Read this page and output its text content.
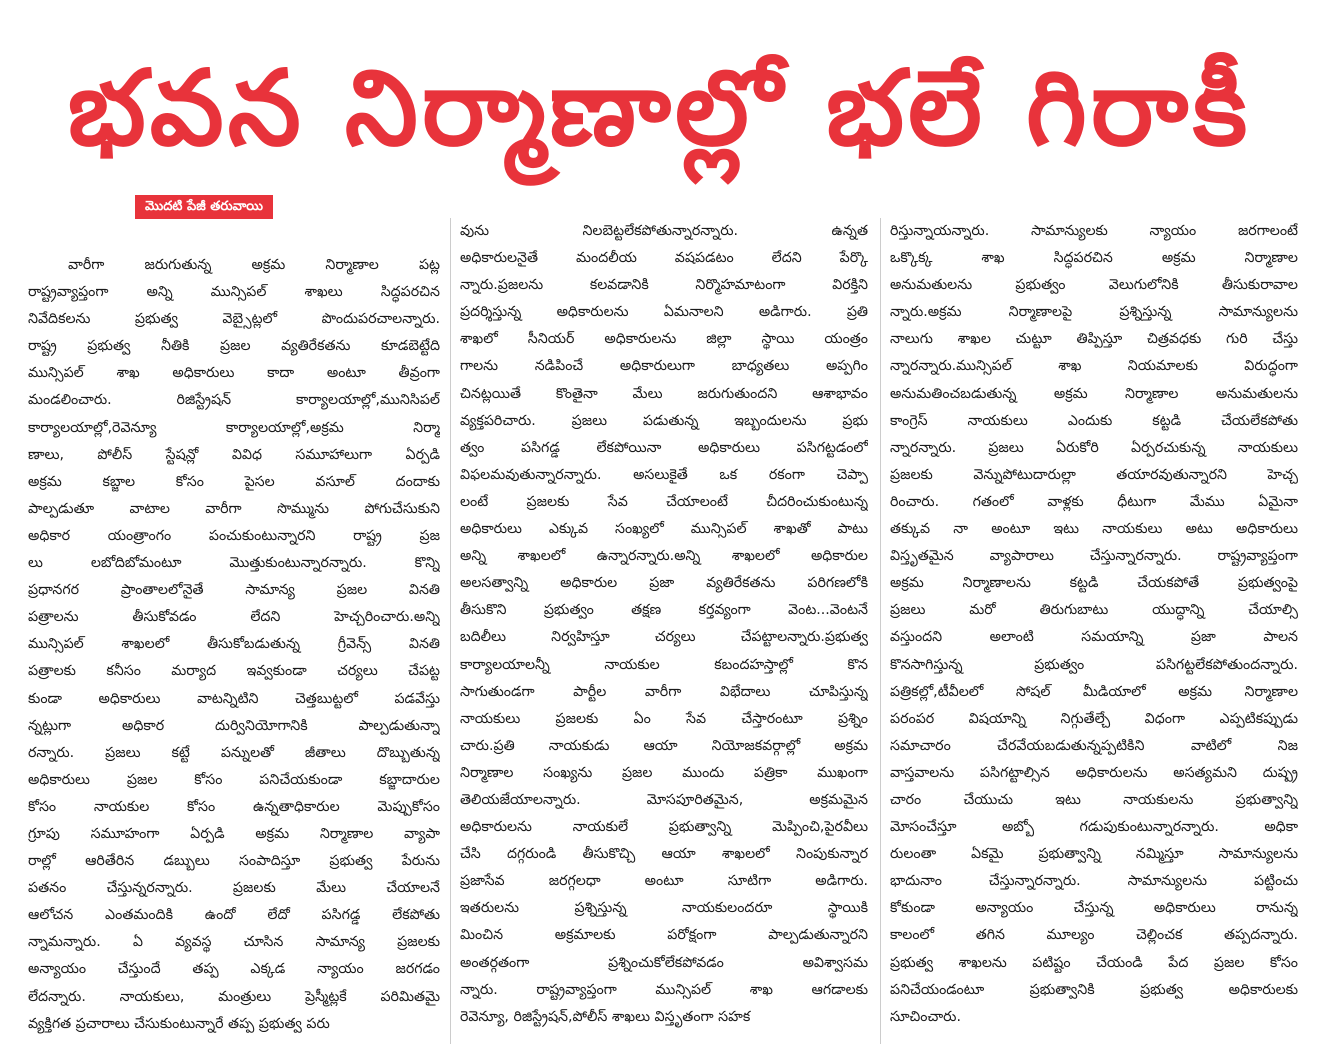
భవన నిర్మాణాల్లో భలే గిరాకీ
మొదటి పేజీ తరువాయి
వారీగా జరుగుతున్న అక్రమ నిర్మాణాల పట్ల
రాష్ట్రవ్యాప్తంగా అన్ని మున్సిపల్ శాఖలు సిద్ధపరచిన
నివేదికలను ప్రభుత్వ వెబ్సైట్లలో పొందుపరచాలన్నారు.
రాష్ట్ర ప్రభుత్వ నీతికి ప్రజల వ్యతిరేకతను కూడబెట్టేది
మున్సిపల్ శాఖ అధికారులు కాదా అంటూ తీవ్రంగా
మండలించారు. రిజిస్ట్రేషన్ కార్యాలయాల్లో,మునిసిపల్
కార్యాలయాల్లో,రెవెన్యూ కార్యాలయాల్లో,అక్రమ నిర్మా
ణాలు, పోలీస్ స్టేషన్లో వివిధ సమూహాలుగా ఏర్పడి
అక్రమ కబ్జాల కోసం పైసల వసూల్ దందాకు
పాల్పడుతూ వాటాల వారీగా సొమ్మును పోగుచేసుకుని
అధికార యంత్రాంగం పంచుకుంటున్నారని రాష్ట్ర ప్రజ
లు లబోదిబోమంటూ మొత్తుకుంటున్నారన్నారు. కొన్ని
ప్రధానగర ప్రాంతాలలోనైతే సామాన్య ప్రజల వినతి
పత్రాలను తీసుకోవడం లేదని హెచ్చరించారు.అన్ని
మున్సిపల్ శాఖలలో తీసుకోబడుతున్న గ్రీవెన్స్ వినతి
పత్రాలకు కనీసం మర్యాద ఇవ్వకుండా చర్యలు చేపట్ట
కుండా అధికారులు వాటన్నిటిని చెత్తబుట్టలో పడవేస్తు
న్నట్లుగా అధికార దుర్వినియోగానికి పాల్పడుతున్నా
రన్నారు. ప్రజలు కట్టే పన్నులతో జీతాలు దొబ్బుతున్న
అధికారులు ప్రజల కోసం పనిచేయకుండా కబ్జాదారుల
కోసం నాయకుల కోసం ఉన్నతాధికారుల మెప్పుకోసం
గ్రూపు సమూహంగా ఏర్పడి అక్రమ నిర్మాణాల వ్యాపా
రాల్లో ఆరితేరిన డబ్బులు సంపాదిస్తూ ప్రభుత్వ పేరును
పతనం చేస్తున్నరన్నారు. ప్రజలకు మేలు చేయాలనే
ఆలోచన ఎంతమందికి ఉందో లేదో పసిగడ్డ లేకపోతు
న్నామన్నారు. ఏ వ్యవస్థ చూసిన సామాన్య ప్రజలకు
అన్యాయం చేస్తుందే తప్ప ఎక్కడ న్యాయం జరగడం
లేదన్నారు. నాయకులు, మంత్రులు ప్రెస్మీట్లకే పరిమితమై
వ్యక్తిగత ప్రచారాలు చేసుకుంటున్నారే తప్ప ప్రభుత్వ పరు
వును నిలబెట్టలేకపోతున్నారన్నారు. ఉన్నత
అధికారులనైతే మందలీయ వషపడటం లేదని పేర్కొ
న్నారు.ప్రజలను కలవడానికి నిర్మొహమాటంగా విరక్తిని
ప్రదర్శిస్తున్న అధికారులను ఏమనాలని అడిగారు. ప్రతి
శాఖలో సీనియర్ అధికారులను జిల్లా స్థాయి యంత్రం
గాలను నడిపించే అధికారులుగా బాధ్యతలు అప్పగిం
చినట్లయితే కొంతైనా మేలు జరుగుతుందని ఆశాభావం
వ్యక్తపరిచారు. ప్రజలు పడుతున్న ఇబ్బందులను ప్రభు
త్వం పసిగడ్డ లేకపోయినా అధికారులు పసిగట్టడంలో
విఫలమవుతున్నారన్నారు. అసలుకైతే ఒక రకంగా చెప్పా
లంటే ప్రజలకు సేవ చేయాలంటే చీదరించుకుంటున్న
అధికారులు ఎక్కువ సంఖ్యలో మున్సిపల్ శాఖతో పాటు
అన్ని శాఖలలో ఉన్నారన్నారు.అన్ని శాఖలలో అధికారుల
అలసత్వాన్ని అధికారుల ప్రజా వ్యతిరేకతను పరిగణలోకి
తీసుకొని ప్రభుత్వం తక్షణ కర్తవ్యంగా వెంట...వెంటనే
బదిలీలు నిర్వహిస్తూ చర్యలు చేపట్టాలన్నారు.ప్రభుత్వ
కార్యాలయాలన్నీ నాయకుల కబందహస్తాల్లో కొన
సాగుతుండగా పార్టీల వారీగా విభేదాలు చూపిస్తున్న
నాయకులు ప్రజలకు ఏం సేవ చేస్తారంటూ ప్రశ్నిం
చారు.ప్రతి నాయకుడు ఆయా నియోజకవర్గాల్లో అక్రమ
నిర్మాణాల సంఖ్యను ప్రజల ముందు పత్రికా ముఖంగా
తెలియజేయాలన్నారు. మోసపూరితమైన, అక్రమమైన
అధికారులను నాయకులే ప్రభుత్వాన్ని మెప్పించి,పైరవీలు
చేసి దగ్గరుండి తీసుకొచ్చి ఆయా శాఖలలో నింపుకున్నార
ప్రజాసేవ జరగ్గలధా అంటూ సూటిగా అడిగారు.
ఇతరులను ప్రశ్నిస్తున్న నాయకులందరూ స్థాయికి
మించిన అక్రమాలకు పరోక్షంగా పాల్పడుతున్నారని
అంతర్గతంగా ప్రశ్నించుకోలేకపోవడం అవిశ్వాసమ
న్నారు. రాష్ట్రవ్యాప్తంగా మున్సిపల్ శాఖ ఆగడాలకు
రెవెన్యూ, రిజిస్ట్రేషన్,పోలీస్ శాఖలు విస్తృతంగా సహక
రిస్తున్నాయన్నారు. సామాన్యులకు న్యాయం జరగాలంటే
ఒక్కొక్క శాఖ సిద్ధపరచిన అక్రమ నిర్మాణాల
అనుమతులను ప్రభుత్వం వెలుగులోనికి తీసుకురావాల
న్నారు.అక్రమ నిర్మాణాలపై ప్రశ్నిస్తున్న సామాన్యులను
నాలుగు శాఖల చుట్టూ తిప్పిస్తూ చిత్రవధకు గురి చేస్తు
న్నారన్నారు.మున్సిపల్ శాఖ నియమాలకు విరుద్ధంగా
అనుమతించబడుతున్న అక్రమ నిర్మాణాల అనుమతులను
కాంగ్రెస్ నాయకులు ఎందుకు కట్టడి చేయలేకపోతు
న్నారన్నారు. ప్రజలు ఏరుకోరి ఏర్పరచుకున్న నాయకులు
ప్రజలకు వెన్నుపోటుదారుల్లా తయారవుతున్నారని హెచ్చ
రించారు. గతంలో వాళ్లకు ధీటుగా మేము ఏమైనా
తక్కువ నా అంటూ ఇటు నాయకులు అటు అధికారులు
విస్తృతమైన వ్యాపారాలు చేస్తున్నారన్నారు. రాష్ట్రవ్యాప్తంగా
అక్రమ నిర్మాణాలను కట్టడి చేయకపోతే ప్రభుత్వంపై
ప్రజలు మరో తిరుగుబాటు యుద్ధాన్ని చేయాల్సి
వస్తుందని అలాంటి సమయాన్ని ప్రజా పాలన
కొనసాగిస్తున్న ప్రభుత్వం పసిగట్టలేకపోతుందన్నారు.
పత్రికల్లో,టీవీలలో సోషల్ మీడియాలో అక్రమ నిర్మాణాల
పరంపర విషయాన్ని నిగ్గుతేల్చే విధంగా ఎప్పటికప్పుడు
సమాచారం చేరవేయబడుతున్నప్పటికిని వాటిలో నిజ
వాస్తవాలను పసిగట్టాల్సిన అధికారులను అసత్యమని దుష్ప్ర
చారం చేయుచు ఇటు నాయకులను ప్రభుత్వాన్ని
మోసంచేస్తూ అబ్బో గడుపుకుంటున్నారన్నారు. అధికా
రులంతా ఏకమై ప్రభుత్వాన్ని నమ్మిస్తూ సామాన్యులను
భాదునాం చేస్తున్నారన్నారు. సామాన్యులను పట్టించు
కోకుండా అన్యాయం చేస్తున్న అధికారులు రానున్న
కాలంలో తగిన మూల్యం చెల్లించక తప్పదన్నారు.
ప్రభుత్వ శాఖలను పటిష్టం చేయండి పేద ప్రజల కోసం
పనిచేయండంటూ ప్రభుత్వానికి ప్రభుత్వ అధికారులకు
సూచించారు.
